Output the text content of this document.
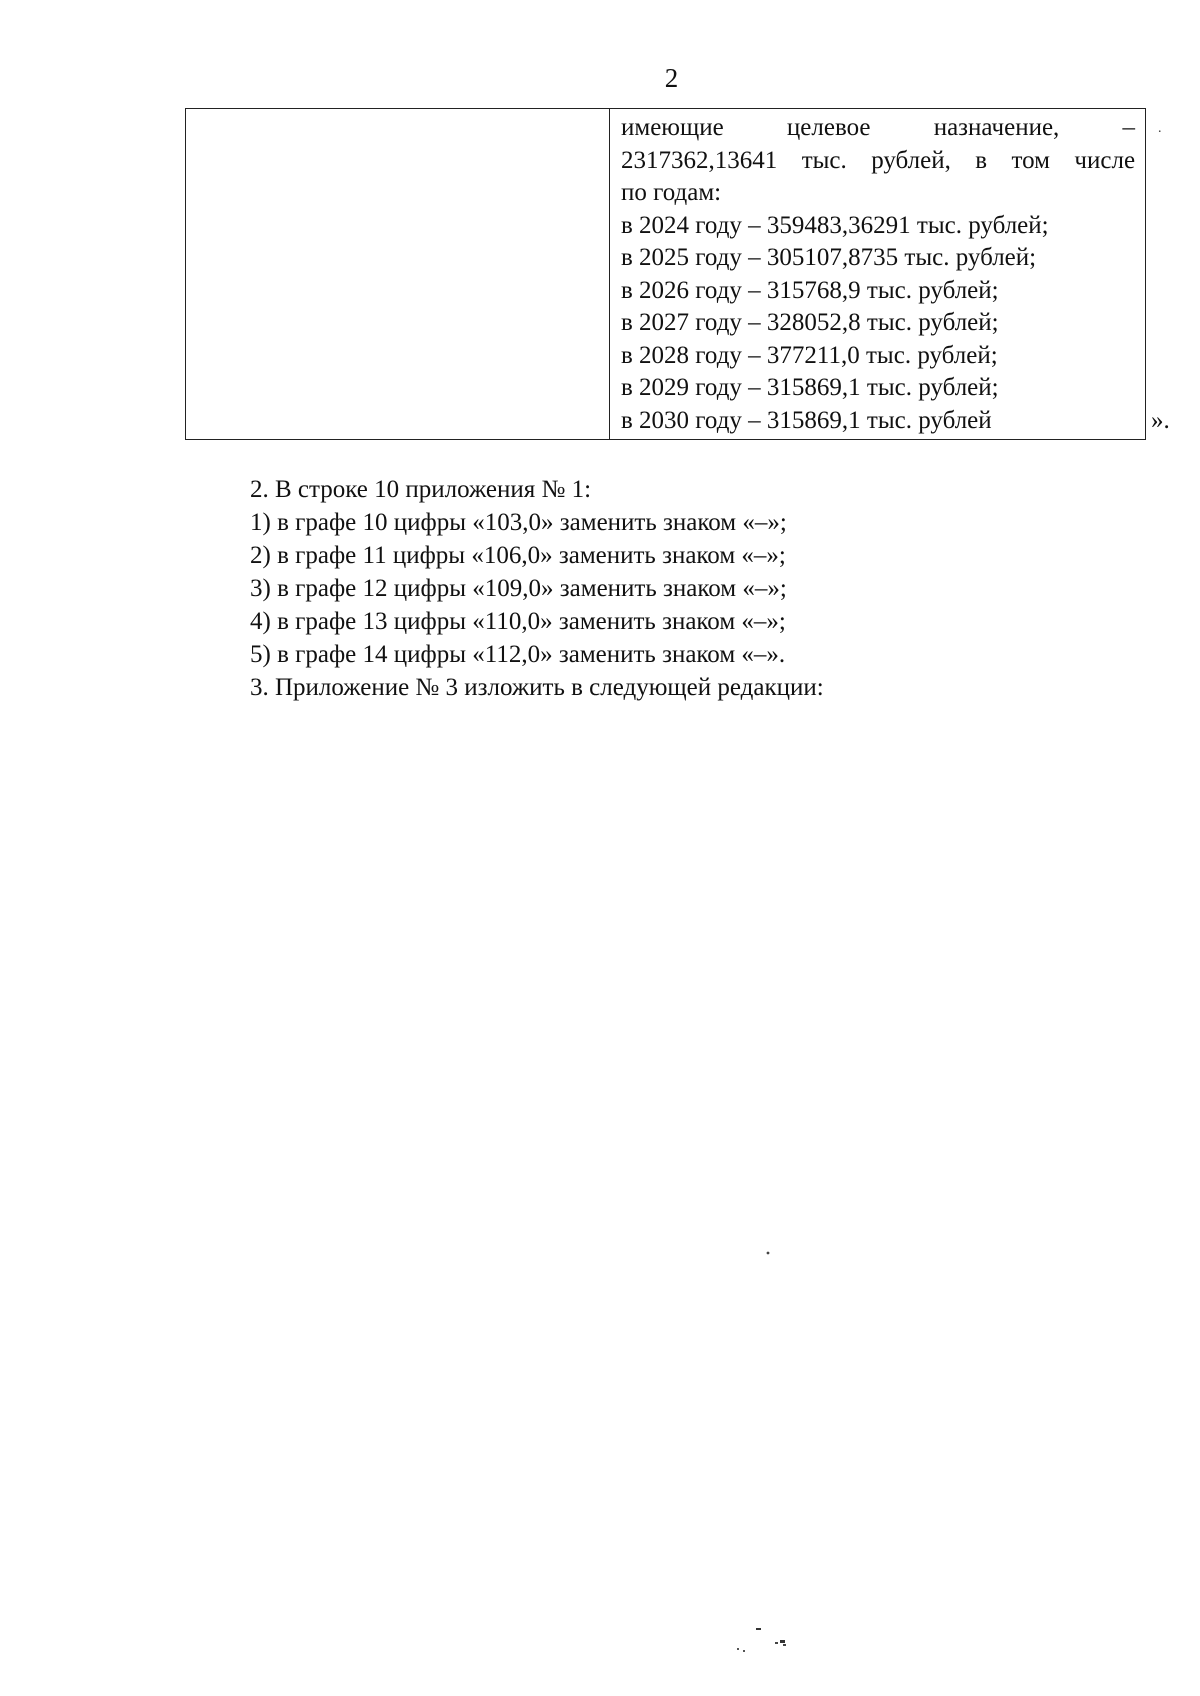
2
имеющие	целевое	назначение,	–
2317362,13641 тыс. рублей, в том числе
по годам:
в 2024 году – 359483,36291 тыс. рублей;
в 2025 году – 305107,8735 тыс. рублей;
в 2026 году – 315768,9 тыс. рублей;
в 2027 году – 328052,8 тыс. рублей;
в 2028 году – 377211,0 тыс. рублей;
в 2029 году – 315869,1 тыс. рублей;
в 2030 году – 315869,1 тыс. рублей
.
».

2. В строке 10 приложения № 1:

1) в графе 10 цифры «103,0» заменить знаком «–»;

2) в графе 11 цифры «106,0» заменить знаком «–»;

3) в графе 12 цифры «109,0» заменить знаком «–»;

4) в графе 13 цифры «110,0» заменить знаком «–»;

5) в графе 14 цифры «112,0» заменить знаком «–».

3. Приложение № 3 изложить в следующей редакции:
